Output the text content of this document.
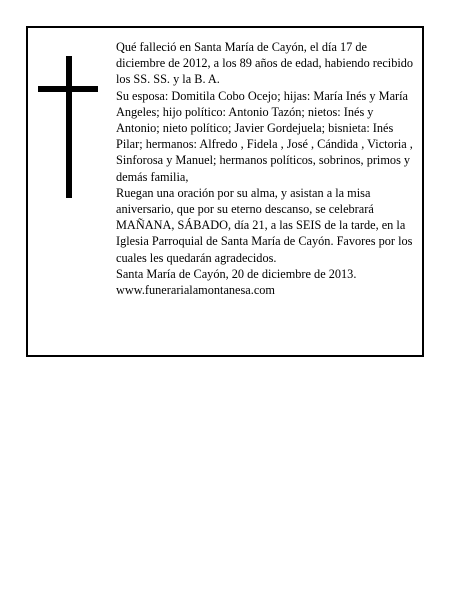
Qué falleció en Santa María de Cayón, el día 17 de diciembre de 2012, a los 89 años de edad, habiendo recibido los SS. SS. y la B. A.

Su esposa: Domitila Cobo Ocejo; hijas: María Inés y María Angeles; hijo político: Antonio Tazón; nietos: Inés y Antonio; nieto político; Javier Gordejuela; bisnieta: Inés Pilar; hermanos: Alfredo , Fidela , José , Cándida , Victoria , Sinforosa y Manuel; hermanos políticos, sobrinos, primos y demás familia,

Ruegan una oración por su alma, y asistan a la misa aniversario, que por su eterno descanso, se celebrará MAÑANA, SÁBADO, día 21, a las SEIS de la tarde, en la Iglesia Parroquial de Santa María de Cayón. Favores por los cuales les quedarán agradecidos.

Santa María de Cayón, 20 de diciembre de 2013.

www.funerarialamontanesa.com
